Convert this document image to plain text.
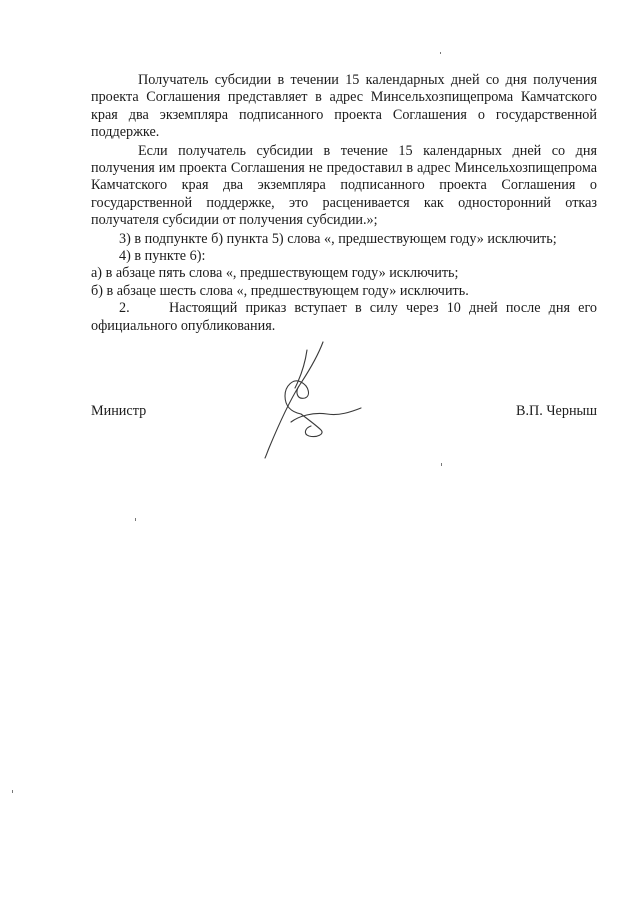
Получатель субсидии в течении 15 календарных дней со дня получения проекта Соглашения представляет в адрес Минсельхозпищепрома Камчатского края два экземпляра подписанного проекта Соглашения о государственной поддержке.

Если получатель субсидии в течение 15 календарных дней со дня получения им проекта Соглашения не предоставил в адрес Минсельхозпищепрома Камчатского края два экземпляра подписанного проекта Соглашения о государственной поддержке, это расценивается как односторонний отказ получателя субсидии от получения субсидии.»;

3) в подпункте б) пункта 5) слова «, предшествующем году» исключить;

4) в пункте 6):

а) в абзаце пять слова «, предшествующем году» исключить;

б) в абзаце шесть слова «, предшествующем году» исключить.

2.	Настоящий приказ вступает в силу через 10 дней после дня его официального опубликования.

Министр	В.П. Черныш
